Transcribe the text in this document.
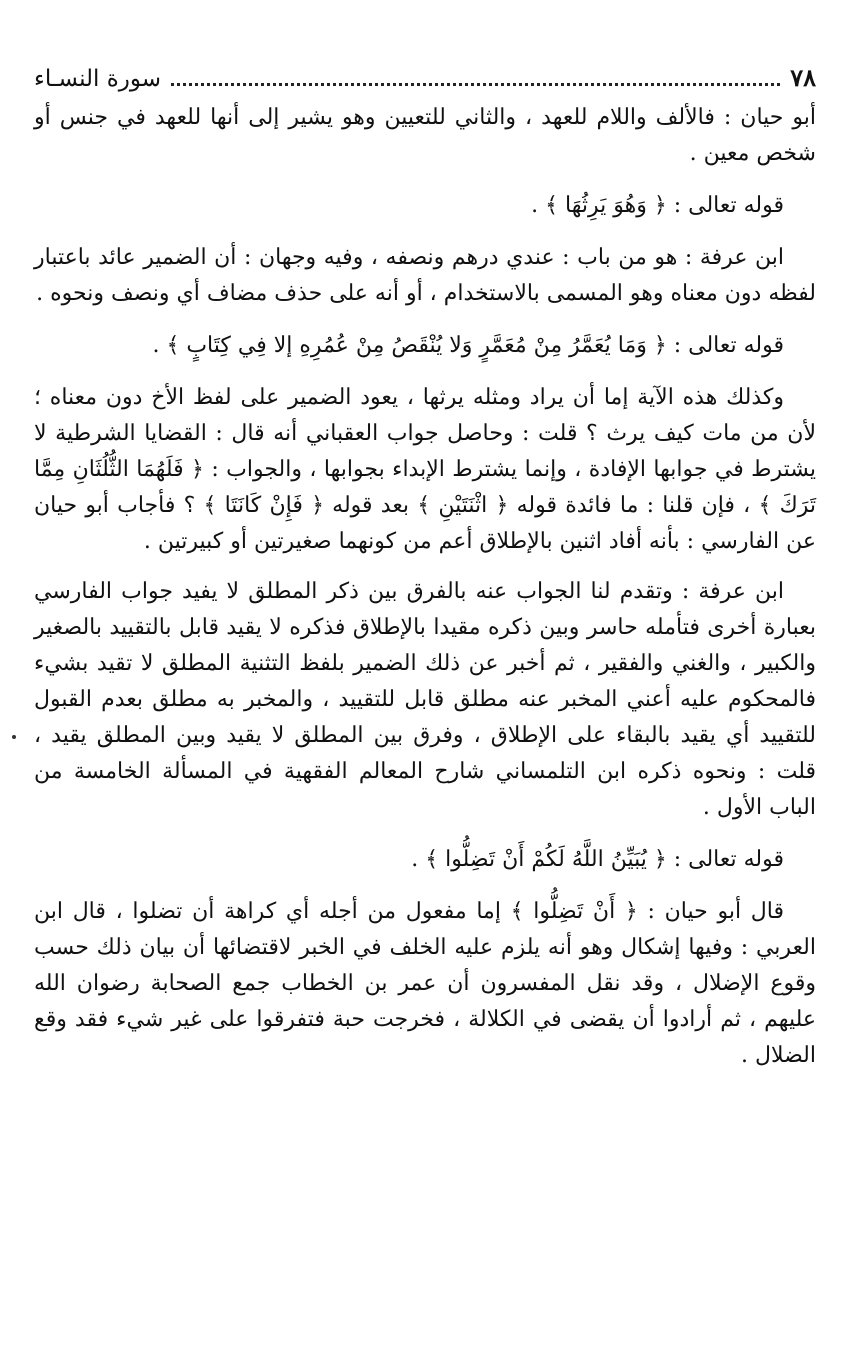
٧٨
سورة النسـاء

أبو حيان : فالألف واللام للعهد ، والثاني للتعيين وهو يشير إلى أنها للعهد في جنس أو شخص معين .

قوله تعالى : ﴿ وَهُوَ يَرِثُهَا ﴾ .

ابن عرفة : هو من باب : عندي درهم ونصفه ، وفيه وجهان : أن الضمير عائد باعتبار لفظه دون معناه وهو المسمى بالاستخدام ، أو أنه على حذف مضاف أي ونصف ونحوه .

قوله تعالى : ﴿ وَمَا يُعَمَّرُ مِنْ مُعَمَّرٍ وَلا يُنْقَصُ مِنْ عُمُرِهِ إلا فِي كِتَابٍ ﴾ .

وكذلك هذه الآية إما أن يراد ومثله يرثها ، يعود الضمير على لفظ الأخ دون معناه ؛ لأن من مات كيف يرث ؟ قلت : وحاصل جواب العقباني أنه قال : القضايا الشرطية لا يشترط في جوابها الإفادة ، وإنما يشترط الإبداء بجوابها ، والجواب : ﴿ فَلَهُمَا الثُّلُثَانِ مِمَّا تَرَكَ ﴾ ، فإن قلنا : ما فائدة قوله ﴿ اثْنَتَيْنِ ﴾ بعد قوله ﴿ فَإِنْ كَانَتَا ﴾ ؟ فأجاب أبو حيان عن الفارسي : بأنه أفاد اثنين بالإطلاق أعم من كونهما صغيرتين أو كبيرتين .

ابن عرفة : وتقدم لنا الجواب عنه بالفرق بين ذكر المطلق لا يفيد جواب الفارسي بعبارة أخرى فتأمله حاسر وبين ذكره مقيدا بالإطلاق فذكره لا يقيد قابل بالتقييد بالصغير والكبير ، والغني والفقير ، ثم أخبر عن ذلك الضمير بلفظ التثنية المطلق لا تقيد بشيء فالمحكوم عليه أعني المخبر عنه مطلق قابل للتقييد ، والمخبر به مطلق بعدم القبول للتقييد أي يقيد بالبقاء على الإطلاق ، وفرق بين المطلق لا يقيد وبين المطلق يقيد ، قلت : ونحوه ذكره ابن التلمساني شارح المعالم الفقهية في المسألة الخامسة من الباب الأول .

قوله تعالى : ﴿ يُبَيِّنُ اللَّهُ لَكُمْ أَنْ تَضِلُّوا ﴾ .

قال أبو حيان : ﴿ أَنْ تَضِلُّوا ﴾ إما مفعول من أجله أي كراهة أن تضلوا ، قال ابن العربي : وفيها إشكال وهو أنه يلزم عليه الخلف في الخبر لاقتضائها أن بيان ذلك حسب وقوع الإضلال ، وقد نقل المفسرون أن عمر بن الخطاب جمع الصحابة رضوان الله عليهم ، ثم أرادوا أن يقضى في الكلالة ، فخرجت حبة فتفرقوا على غير شيء فقد وقع الضلال .
